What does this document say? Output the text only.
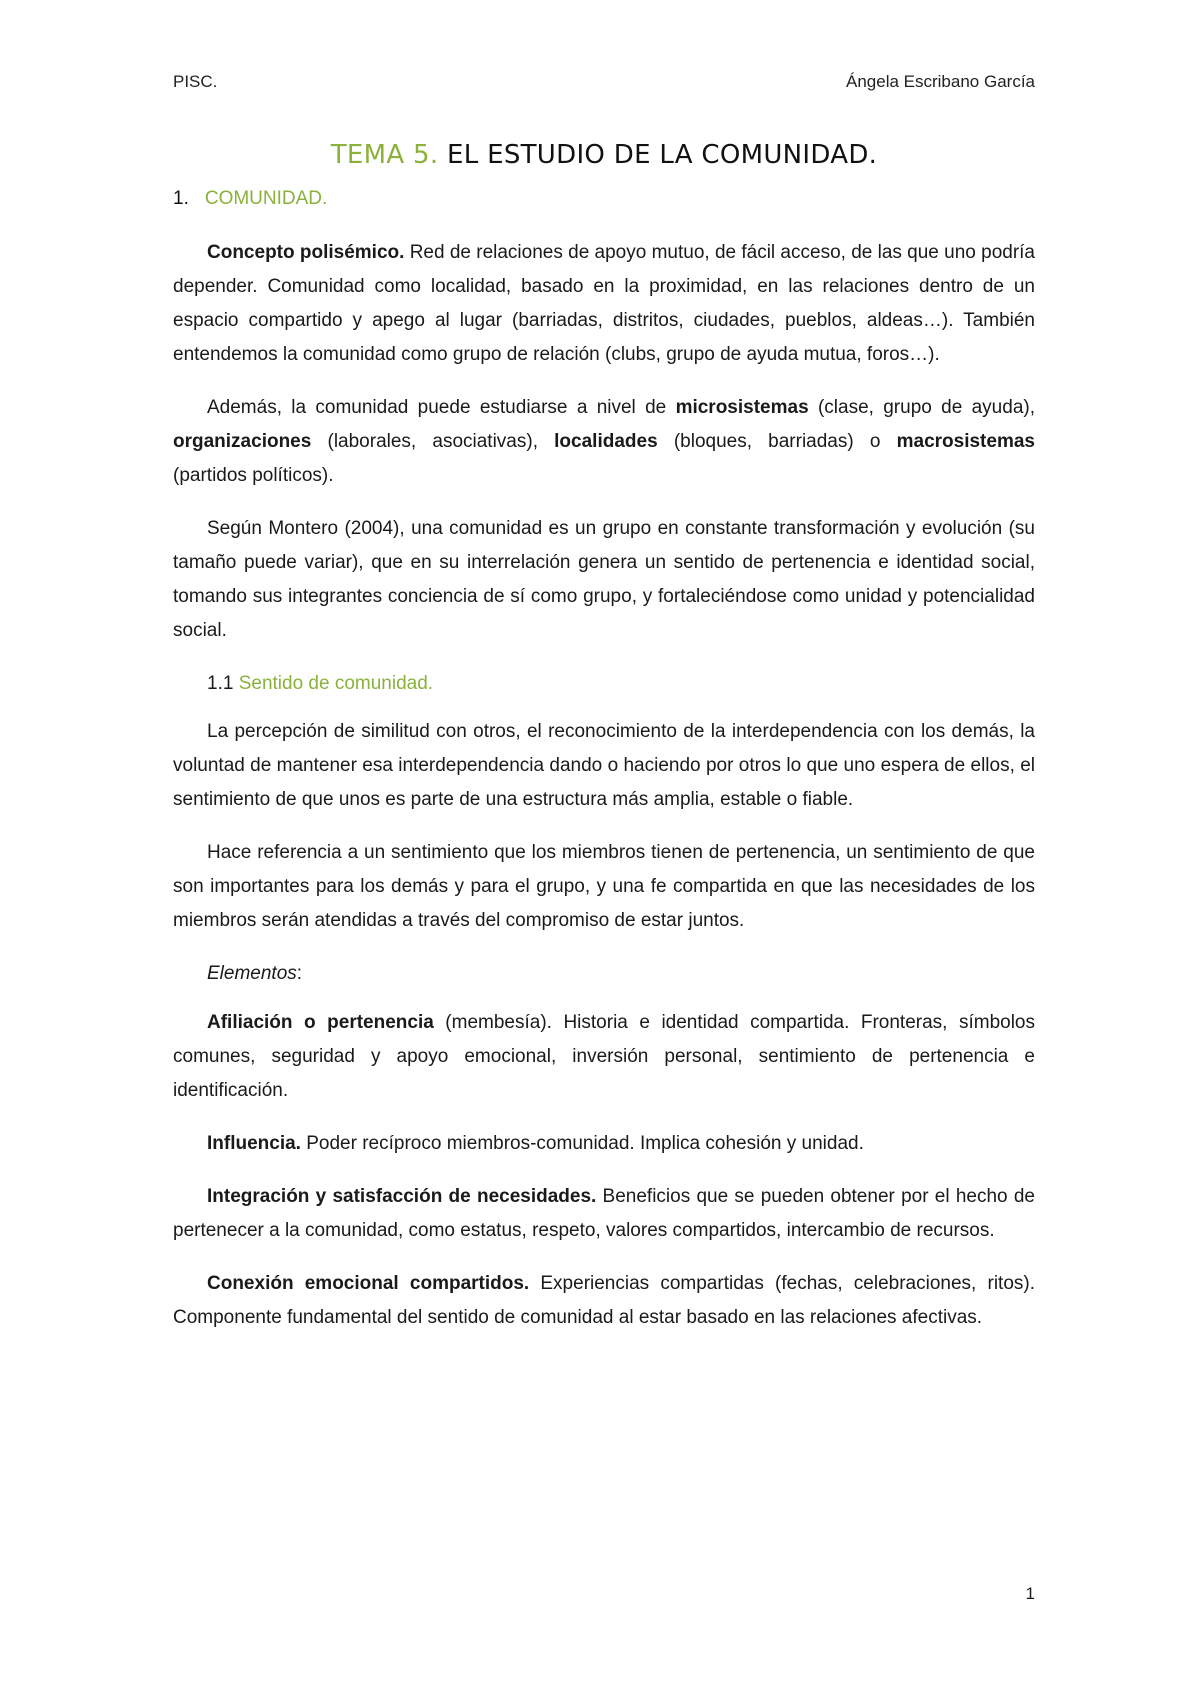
PISC.	Ángela Escribano García
TEMA 5. EL ESTUDIO DE LA COMUNIDAD.
1. COMUNIDAD.

Concepto polisémico. Red de relaciones de apoyo mutuo, de fácil acceso, de las que uno podría depender. Comunidad como localidad, basado en la proximidad, en las relaciones dentro de un espacio compartido y apego al lugar (barriadas, distritos, ciudades, pueblos, aldeas…). También entendemos la comunidad como grupo de relación (clubs, grupo de ayuda mutua, foros…).

Además, la comunidad puede estudiarse a nivel de microsistemas (clase, grupo de ayuda), organizaciones (laborales, asociativas), localidades (bloques, barriadas) o macrosistemas (partidos políticos).

Según Montero (2004), una comunidad es un grupo en constante transformación y evolución (su tamaño puede variar), que en su interrelación genera un sentido de pertenencia e identidad social, tomando sus integrantes conciencia de sí como grupo, y fortaleciéndose como unidad y potencialidad social.

1.1 Sentido de comunidad.

La percepción de similitud con otros, el reconocimiento de la interdependencia con los demás, la voluntad de mantener esa interdependencia dando o haciendo por otros lo que uno espera de ellos, el sentimiento de que unos es parte de una estructura más amplia, estable o fiable.

Hace referencia a un sentimiento que los miembros tienen de pertenencia, un sentimiento de que son importantes para los demás y para el grupo, y una fe compartida en que las necesidades de los miembros serán atendidas a través del compromiso de estar juntos.

Elementos:

Afiliación o pertenencia (membesía). Historia e identidad compartida. Fronteras, símbolos comunes, seguridad y apoyo emocional, inversión personal, sentimiento de pertenencia e identificación.

Influencia. Poder recíproco miembros-comunidad. Implica cohesión y unidad.

Integración y satisfacción de necesidades. Beneficios que se pueden obtener por el hecho de pertenecer a la comunidad, como estatus, respeto, valores compartidos, intercambio de recursos.

Conexión emocional compartidos. Experiencias compartidas (fechas, celebraciones, ritos). Componente fundamental del sentido de comunidad al estar basado en las relaciones afectivas.

1
